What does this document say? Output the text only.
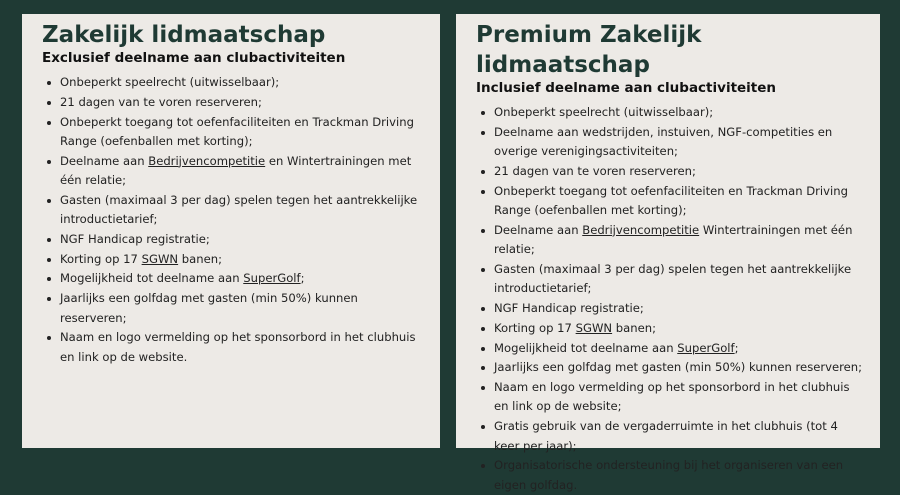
Zakelijk lidmaatschap
Exclusief deelname aan clubactiviteiten
Onbeperkt speelrecht (uitwisselbaar);
21 dagen van te voren reserveren;
Onbeperkt toegang tot oefenfaciliteiten en Trackman Driving Range (oefenballen met korting);
Deelname aan Bedrijvencompetitie en Wintertrainingen met één relatie;
Gasten (maximaal 3 per dag) spelen tegen het aantrekkelijke introductietarief;
NGF Handicap registratie;
Korting op 17 SGWN banen;
Mogelijkheid tot deelname aan SuperGolf;
Jaarlijks een golfdag met gasten (min 50%) kunnen reserveren;
Naam en logo vermelding op het sponsorbord in het clubhuis en link op de website.
Premium Zakelijk lidmaatschap
Inclusief deelname aan clubactiviteiten
Onbeperkt speelrecht (uitwisselbaar);
Deelname aan wedstrijden, instuiven, NGF-competities en overige verenigingsactiviteiten;
21 dagen van te voren reserveren;
Onbeperkt toegang tot oefenfaciliteiten en Trackman Driving Range (oefenballen met korting);
Deelname aan Bedrijvencompetitie Wintertrainingen met één relatie;
Gasten (maximaal 3 per dag) spelen tegen het aantrekkelijke introductietarief;
NGF Handicap registratie;
Korting op 17 SGWN banen;
Mogelijkheid tot deelname aan SuperGolf;
Jaarlijks een golfdag met gasten (min 50%) kunnen reserveren;
Naam en logo vermelding op het sponsorbord in het clubhuis en link op de website;
Gratis gebruik van de vergaderruimte in het clubhuis (tot 4 keer per jaar);
Organisatorische ondersteuning bij het organiseren van een eigen golfdag.
